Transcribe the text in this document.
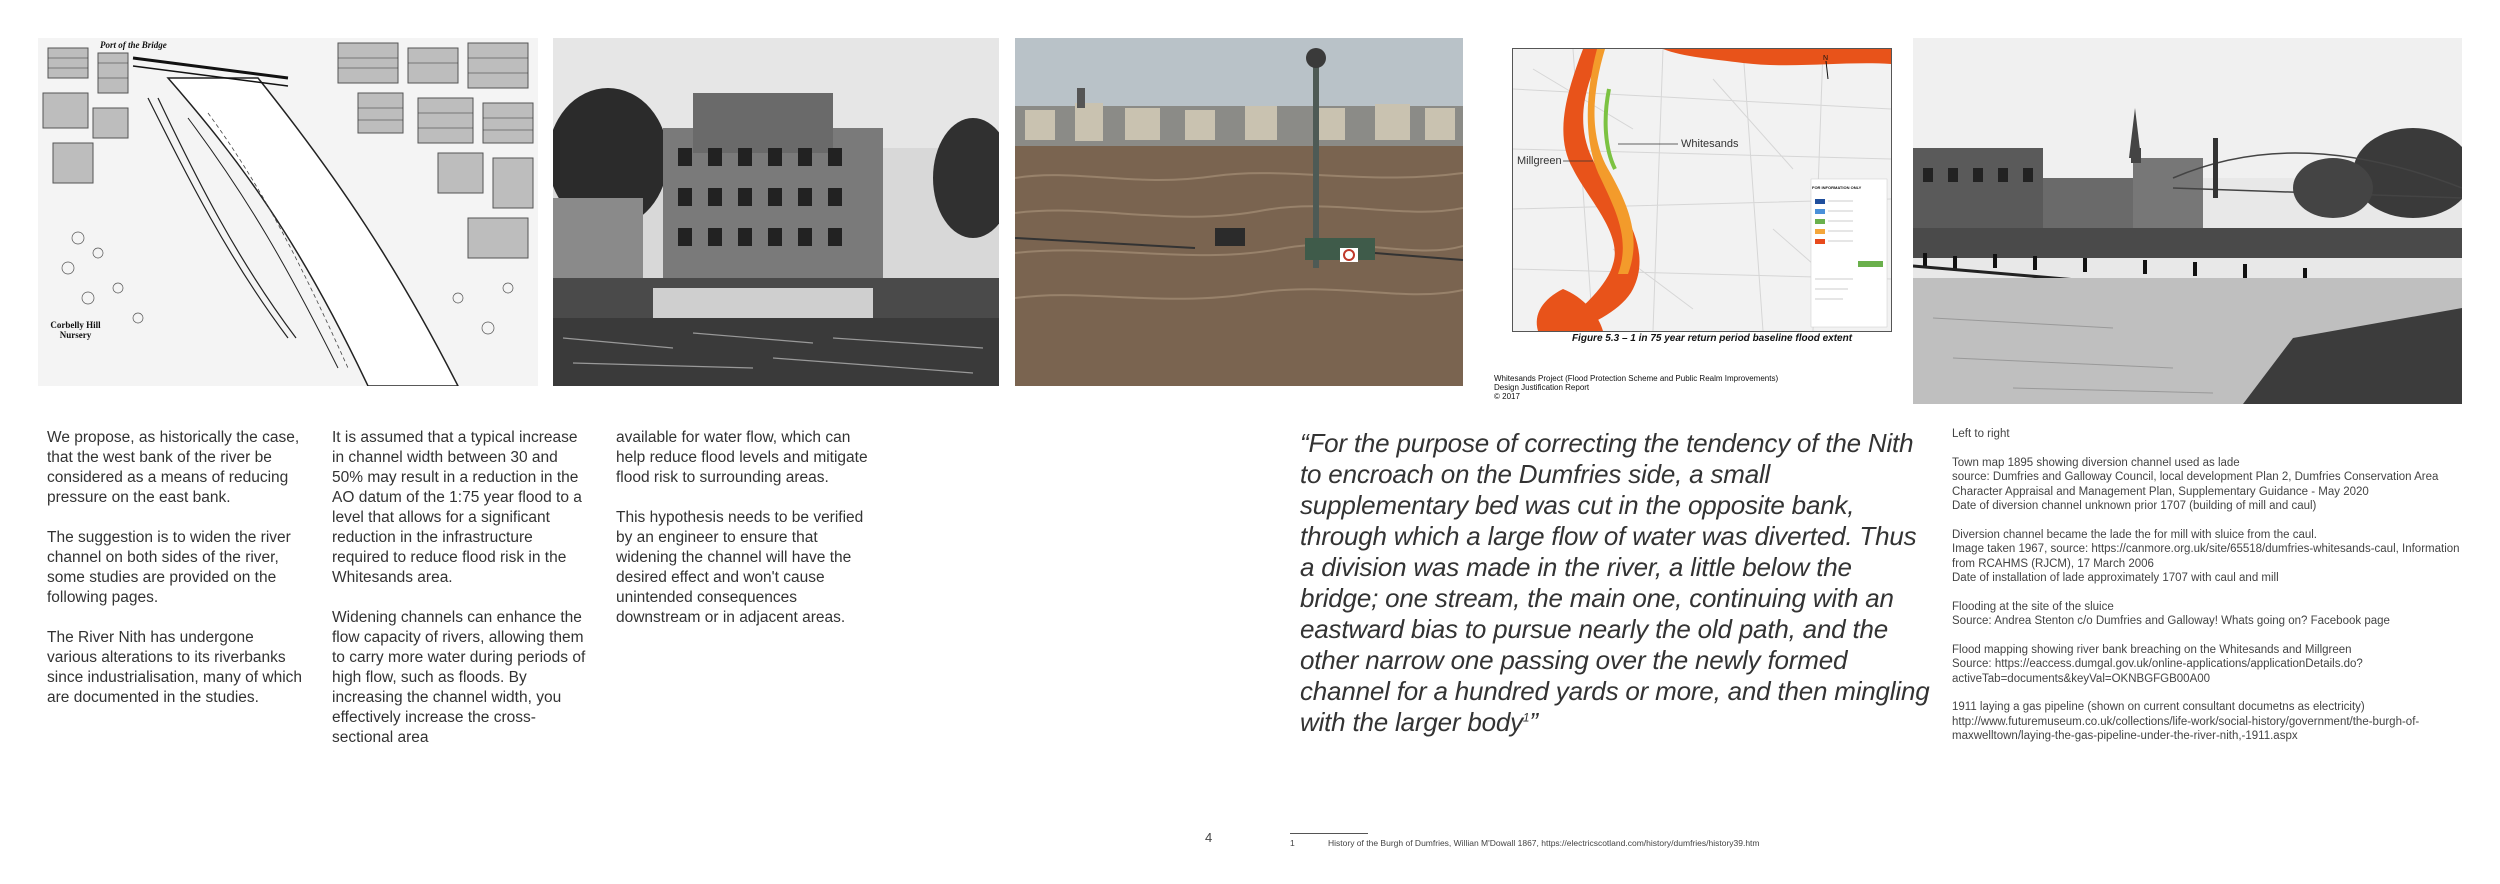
Port of the Bridge
Corbelly Hill Nursery
N
FOR INFORMATION ONLY
Whitesands
Millgreen
Figure 5.3 – 1 in 75 year return period baseline flood extent
Whitesands Project (Flood Protection Scheme and Public Realm Improvements)
Design Justification Report
© 2017

We propose, as historically the case, that the west bank of the river be considered as a means of reducing pressure on the east bank.

The suggestion is to widen the river channel on both sides of the river, some studies are provided on the following pages.

The River Nith has undergone various alterations to its riverbanks since industrialisation, many of which are documented in the studies.

It is assumed that a typical increase in channel width between 30 and 50% may result in a reduction in the AO datum of the 1:75 year flood to a level that allows for a significant reduction in the infrastructure required to reduce flood risk in the Whitesands area.

Widening channels can enhance the flow capacity of rivers, allowing them to carry more water during periods of high flow, such as floods. By increasing the channel width, you effectively increase the cross-sectional area

available for water flow, which can help reduce flood levels and mitigate flood risk to surrounding areas.

This hypothesis needs to be verified by an engineer to ensure that widening the channel will have the desired effect and won't cause unintended consequences downstream or in adjacent areas.

“For the purpose of correcting the tendency of the Nith to encroach on the Dumfries side, a small supplementary bed was cut in the opposite bank, through which a large flow of water was diverted. Thus a division was made in the river, a little below the bridge; one stream, the main one, continuing with an eastward bias to pursue nearly the old path, and the other narrow one passing over the newly formed channel for a hundred yards or more, and then mingling with the larger body$^1$”
Left to right
Town map 1895 showing diversion channel used as lade
source: Dumfries and Galloway Council, local development Plan 2, Dumfries Conservation Area Character Appraisal and Management Plan, Supplementary Guidance - May 2020
Date of diversion channel unknown prior 1707 (building of mill and caul)
Diversion channel became the lade the for mill with sluice from the caul.
Image taken 1967, source: https://canmore.org.uk/site/65518/dumfries-whitesands-caul, Information from RCAHMS (RJCM), 17 March 2006
Date of installation of lade approximately 1707 with caul and mill
Flooding at the site of the sluice
Source: Andrea Stenton c/o Dumfries and Galloway! Whats going on? Facebook page
Flood mapping showing river bank breaching on the Whitesands and Millgreen
Source: https://eaccess.dumgal.gov.uk/online-applications/applicationDetails.do?activeTab=documents&keyVal=OKNBGFGB00A00
1911 laying a gas pipeline (shown on current consultant documetns as electricity) http://www.futuremuseum.co.uk/collections/life-work/social-history/government/the-burgh-of-maxwelltown/laying-the-gas-pipeline-under-the-river-nith,-1911.aspx
4	1	History of the Burgh of Dumfries, Willian M'Dowall 1867, https://electricscotland.com/history/dumfries/history39.htm
